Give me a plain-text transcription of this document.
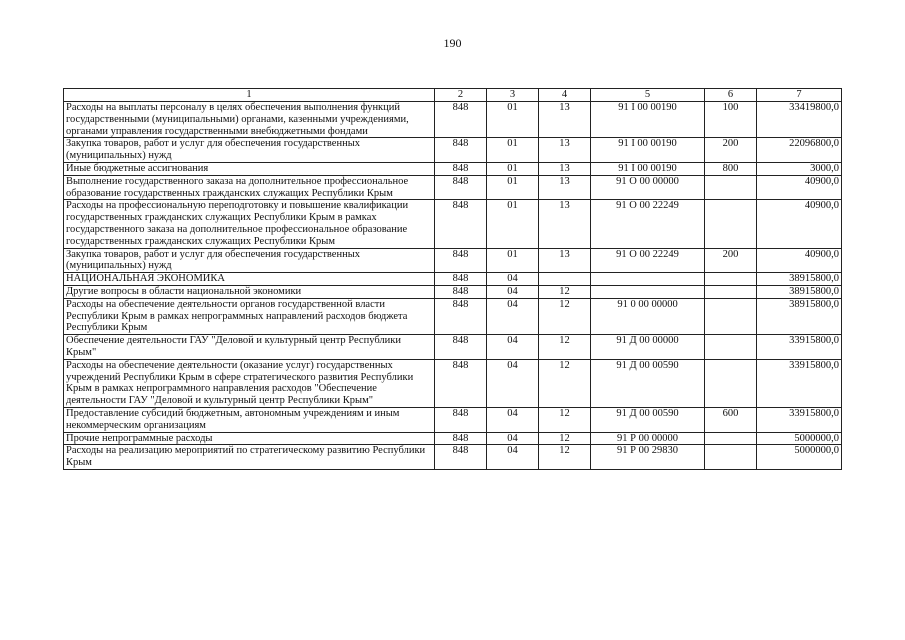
190
1	2	3	4	5	6	7
Расходы на выплаты персоналу в целях обеспечения выполнения функций государственными (муниципальными) органами, казенными учреждениями, органами управления государственными внебюджетными фондами	848	01	13	91 I 00 00190	100	33419800,0
Закупка товаров, работ и услуг для обеспечения государственных (муниципальных) нужд	848	01	13	91 I 00 00190	200	22096800,0
Иные бюджетные ассигнования	848	01	13	91 I 00 00190	800	3000,0
Выполнение государственного заказа на дополнительное профессиональное образование государственных гражданских служащих Республики Крым	848	01	13	91 О 00 00000		40900,0
Расходы на профессиональную переподготовку и повышение квалификации государственных гражданских служащих Республики Крым в рамках государственного заказа на дополнительное профессиональное образование государственных гражданских служащих Республики Крым	848	01	13	91 О 00 22249		40900,0
Закупка товаров, работ и услуг для обеспечения государственных (муниципальных) нужд	848	01	13	91 О 00 22249	200	40900,0
НАЦИОНАЛЬНАЯ ЭКОНОМИКА	848	04				38915800,0
Другие вопросы в области национальной экономики	848	04	12			38915800,0
Расходы на обеспечение деятельности органов государственной власти Республики Крым в рамках непрограммных направлений расходов бюджета Республики Крым	848	04	12	91 0 00 00000		38915800,0
Обеспечение деятельности ГАУ "Деловой и культурный центр Республики Крым"	848	04	12	91 Д 00 00000		33915800,0
Расходы на обеспечение деятельности (оказание услуг) государственных учреждений Республики Крым в сфере стратегического развития Республики Крым в рамках непрограммного направления расходов "Обеспечение деятельности ГАУ "Деловой и культурный центр Республики Крым"	848	04	12	91 Д 00 00590		33915800,0
Предоставление субсидий бюджетным, автономным учреждениям и иным некоммерческим организациям	848	04	12	91 Д 00 00590	600	33915800,0
Прочие непрограммные расходы	848	04	12	91 Р 00 00000		5000000,0
Расходы на реализацию мероприятий по стратегическому развитию Республики Крым	848	04	12	91 Р 00 29830		5000000,0
